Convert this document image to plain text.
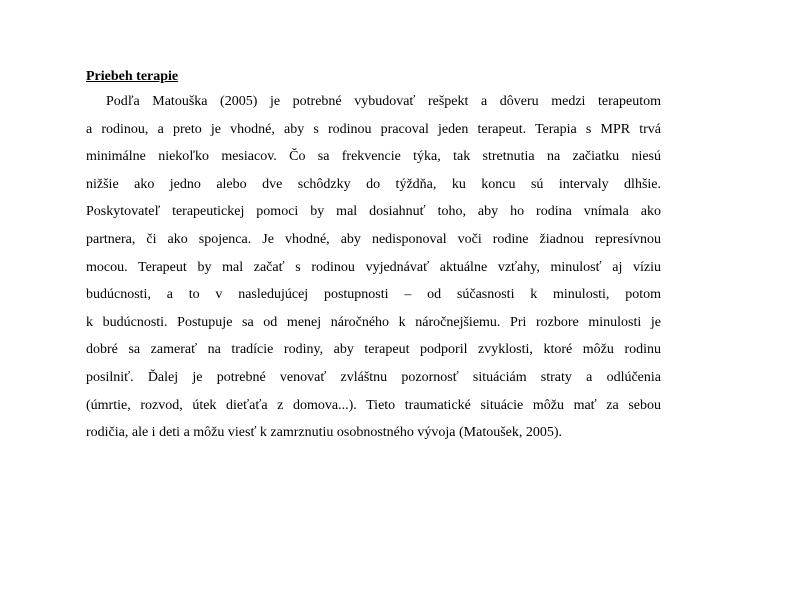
Priebeh terapie
Podľa Matouška (2005) je potrebné vybudovať rešpekt a dôveru medzi terapeutom
a rodinou, a preto je vhodné, aby s rodinou pracoval jeden terapeut. Terapia s MPR trvá
minimálne niekoľko mesiacov. Čo sa frekvencie týka, tak stretnutia na začiatku niesú
nižšie ako jedno alebo dve schôdzky do týždňa, ku koncu sú intervaly dlhšie.
Poskytovateľ terapeutickej pomoci by mal dosiahnuť toho, aby ho rodina vnímala ako
partnera, či ako spojenca. Je vhodné, aby nedisponoval voči rodine žiadnou represívnou
mocou. Terapeut by mal začať s rodinou vyjednávať aktuálne vzťahy, minulosť aj víziu
budúcnosti, a to v nasledujúcej postupnosti – od súčasnosti k minulosti, potom
k budúcnosti. Postupuje sa od menej náročného k náročnejšiemu. Pri rozbore minulosti je
dobré sa zamerať na tradície rodiny, aby terapeut podporil zvyklosti, ktoré môžu rodinu
posilniť. Ďalej je potrebné venovať zvláštnu pozornosť situáciám straty a odlúčenia
(úmrtie, rozvod, útek dieťaťa z domova...). Tieto traumatické situácie môžu mať za sebou
rodičia, ale i deti a môžu viesť k zamrznutiu osobnostného vývoja (Matoušek, 2005).
